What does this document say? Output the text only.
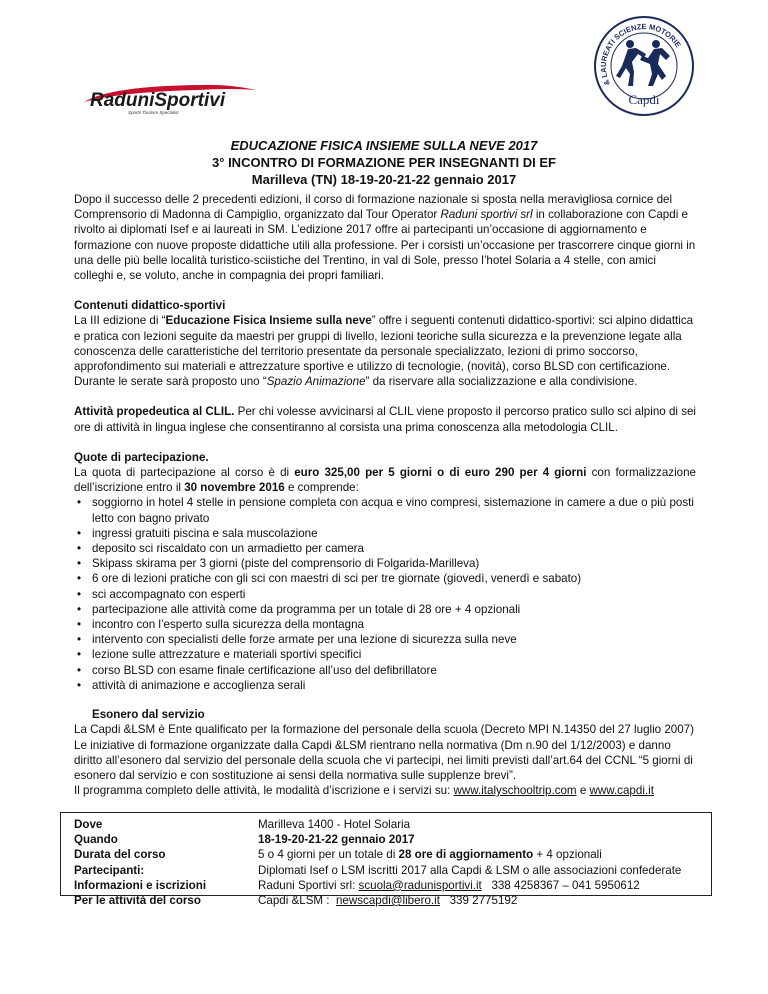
RaduniSportivi
Sports Tourism Specialist
& LAUREATI SCIENZE MOTORIE
Capdi
EDUCAZIONE FISICA INSIEME SULLA NEVE 2017
3° INCONTRO DI FORMAZIONE PER INSEGNANTI DI EF
Marilleva (TN) 18-19-20-21-22 gennaio 2017

Dopo il successo delle 2 precedenti edizioni, il corso di formazione nazionale si sposta nella meravigliosa cornice del Comprensorio di Madonna di Campiglio, organizzato dal Tour Operator Raduni sportivi srl in collaborazione con Capdi e rivolto ai diplomati Isef e ai laureati in SM. L’edizione 2017 offre ai partecipanti un’occasione di aggiornamento e formazione con nuove proposte didattiche utili alla professione. Per i corsisti un’occasione per trascorrere cinque giorni in una delle più belle località turistico-sciistiche del Trentino, in val di Sole, presso l’hotel Solaria a 4 stelle, con amici colleghi e, se voluto, anche in compagnia dei propri familiari.

Contenuti didattico-sportivi
La III edizione di “Educazione Fisica Insieme sulla neve” offre i seguenti contenuti didattico-sportivi: sci alpino didattica e pratica con lezioni seguite da maestri per gruppi di livello, lezioni teoriche sulla sicurezza e la prevenzione legate alla conoscenza delle caratteristiche del territorio presentate da personale specializzato, lezioni di primo soccorso, approfondimento sui materiali e attrezzature sportive e utilizzo di tecnologie, (novità), corso BLSD con certificazione. Durante le serate sarà proposto uno “Spazio Animazione” da riservare alla socializzazione e alla condivisione.

Attività propedeutica al CLIL. Per chi volesse avvicinarsi al CLIL viene proposto il percorso pratico sullo sci alpino di sei ore di attività in lingua inglese che consentiranno al corsista una prima conoscenza alla metodologia CLIL.

Quote di partecipazione.
La quota di partecipazione al corso è di euro 325,00 per 5 giorni o di euro 290 per 4 giorni con formalizzazione dell’iscrizione entro il 30 novembre 2016 e comprende:
• soggiorno in hotel 4 stelle in pensione completa con acqua e vino compresi, sistemazione in camere a due o più posti letto con bagno privato
• ingressi gratuiti piscina e sala muscolazione
• deposito sci riscaldato con un armadietto per camera
• Skipass skirama per 3 giorni (piste del comprensorio di Folgarida-Marilleva)
• 6 ore di lezioni pratiche con gli sci con maestri di sci per tre giornate (giovedì, venerdì e sabato)
• sci accompagnato con esperti
• partecipazione alle attività come da programma per un totale di 28 ore + 4 opzionali
• incontro con l’esperto sulla sicurezza della montagna
• intervento con specialisti delle forze armate per una lezione di sicurezza sulla neve
• lezione sulle attrezzature e materiali sportivi specifici
• corso BLSD con esame finale certificazione all’uso del defibrillatore
• attività di animazione e accoglienza serali
Esonero dal servizio
La Capdi &LSM è Ente qualificato per la formazione del personale della scuola (Decreto MPI N.14350 del 27 luglio 2007) Le iniziative di formazione organizzate dalla Capdi &LSM rientrano nella normativa (Dm n.90 del 1/12/2003) e danno diritto all’esonero dal servizio del personale della scuola che vi partecipi, nei limiti previsti dall’art.64 del CCNL “5 giorni di esonero dal servizio e con sostituzione ai sensi della normativa sulle supplenze brevi”.
Il programma completo delle attività, le modalità d’iscrizione e i servizi su: www.italyschooltrip.com e www.capdi.it
Dove
Quando
Durata del corso
Partecipanti:
Informazioni e iscrizioni
Per le attività del corso
Marilleva 1400 - Hotel Solaria
18-19-20-21-22 gennaio 2017
5 o 4 giorni per un totale di 28 ore di aggiornamento + 4 opzionali
Diplomati Isef o LSM iscritti 2017 alla Capdi & LSM o alle associazioni confederate
Raduni Sportivi srl: scuola@radunisportivi.it   338 4258367 – 041 5950612
Capdi &LSM :  newscapdi@libero.it   339 2775192
